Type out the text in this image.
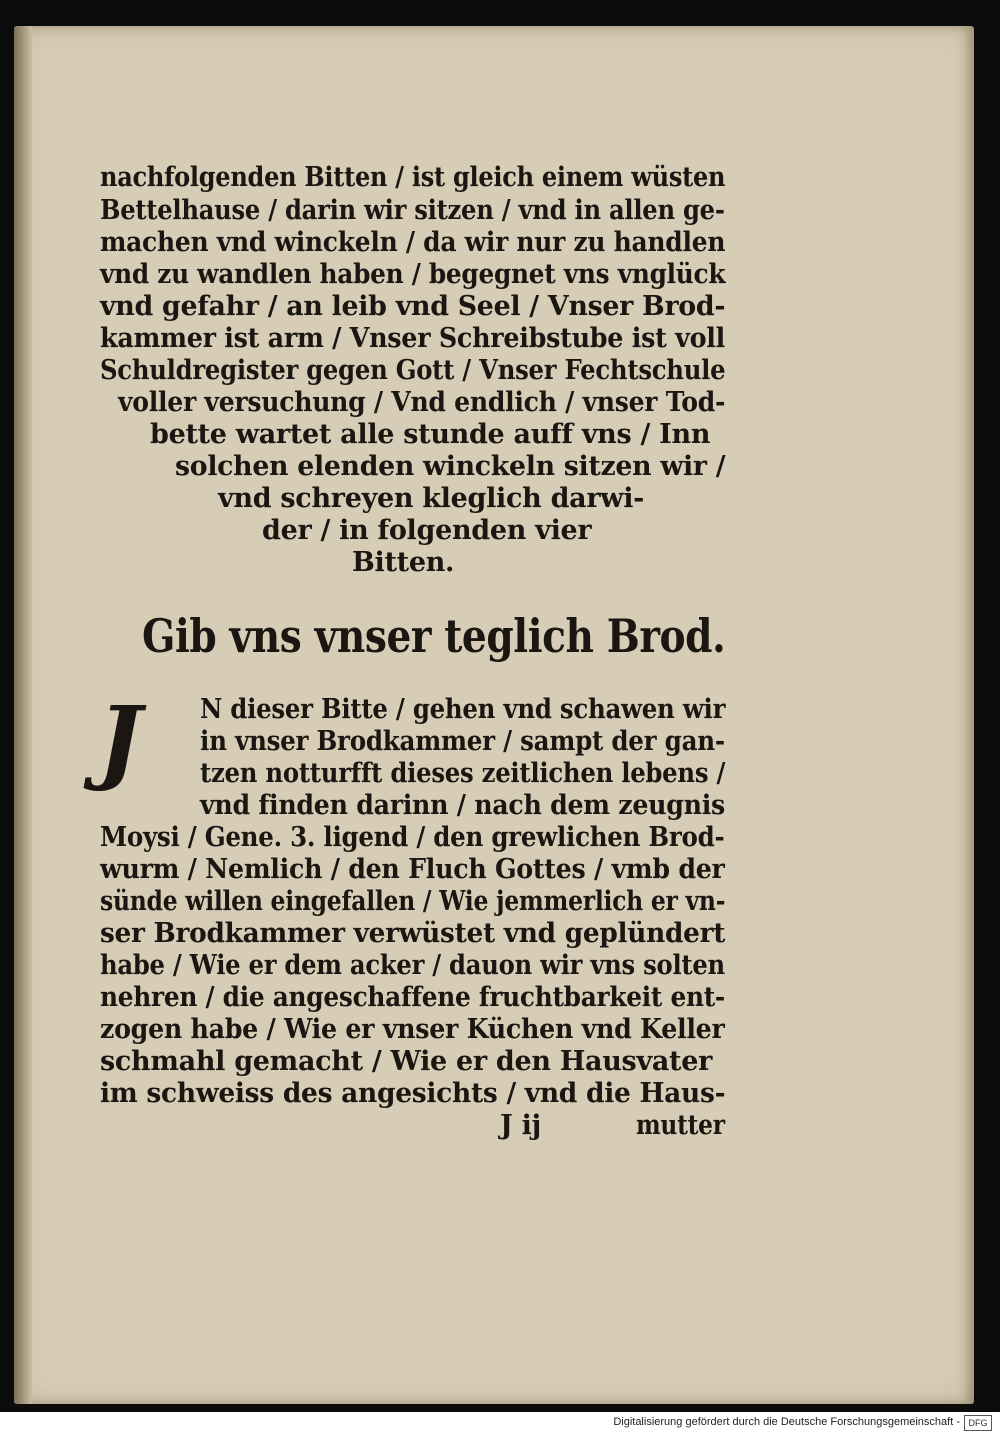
nachfolgenden Bitten / ist gleich einem wüsten
Bettelhause / darin wir sitzen / vnd in allen ge-
machen vnd winckeln / da wir nur zu handlen
vnd zu wandlen haben / begegnet vns vnglück
vnd gefahr / an leib vnd Seel / Vnser Brod-
kammer ist arm / Vnser Schreibstube ist voll
Schuldregister gegen Gott / Vnser Fechtschule
voller versuchung / Vnd endlich / vnser Tod-
bette wartet alle stunde auff vns / Inn
solchen elenden winckeln sitzen wir /
vnd schreyen kleglich darwi-
der / in folgenden vier
Bitten.
Gib vns vnser teglich Brod.
J	N dieser Bitte / gehen vnd schawen wir
in vnser Brodkammer / sampt der gan-
tzen notturfft dieses zeitlichen lebens /
vnd finden darinn / nach dem zeugnis
Moysi / Gene. 3. ligend / den grewlichen Brod-
wurm / Nemlich / den Fluch Gottes / vmb der
sünde willen eingefallen / Wie jemmerlich er vn-
ser Brodkammer verwüstet vnd geplündert
habe / Wie er dem acker / dauon wir vns solten
nehren / die angeschaffene fruchtbarkeit ent-
zogen habe / Wie er vnser Küchen vnd Keller
schmahl gemacht / Wie er den Hausvater
im schweiss des angesichts / vnd die Haus-
J ij	mutter
Digitalisierung gefördert durch die Deutsche Forschungsgemeinschaft - DFG
